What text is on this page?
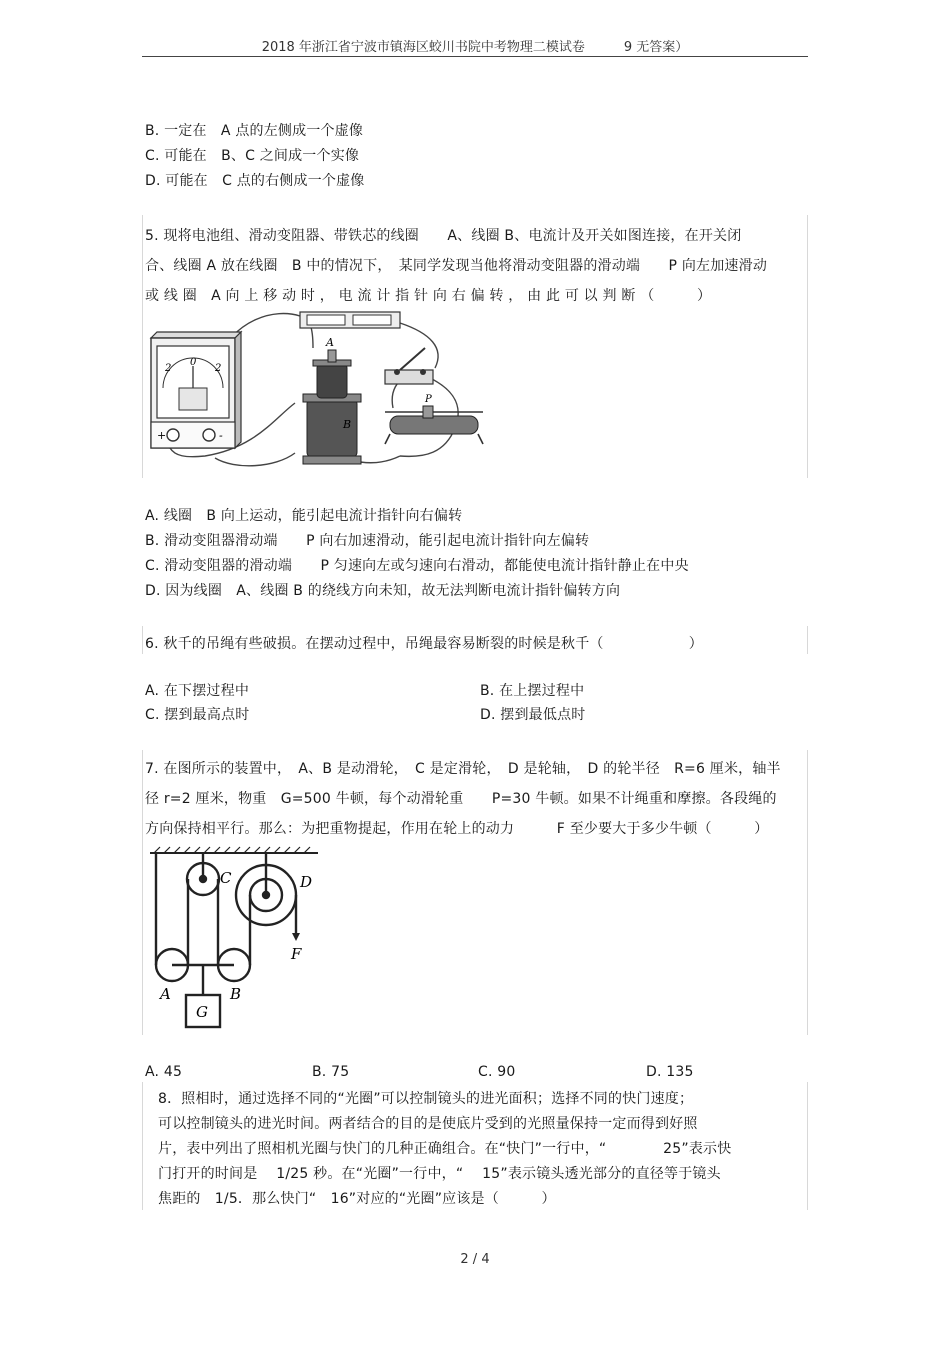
2018 年浙江省宁波市镇海区蛟川书院中考物理二模试卷　　　9 无答案）
B. 一定在　A 点的左侧成一个虚像
C. 可能在　B、C 之间成一个实像
D. 可能在　C 点的右侧成一个虚像
5. 现将电池组、滑动变阻器、带铁芯的线圈　　A、线圈 B、电流计及开关如图连接，在开关闭
合、线圈 A 放在线圈　B 中的情况下，　某同学发现当他将滑动变阻器的滑动端　　P 向左加速滑动
或 线 圈　A 向 上 移 动 时 ， 电 流 计 指 针 向 右 偏 转 ， 由 此 可 以 判 断 （　　　）
2
0
2
+	-
A
B
P
A. 线圈　B 向上运动，能引起电流计指针向右偏转
B. 滑动变阻器滑动端　　P 向右加速滑动，能引起电流计指针向左偏转
C. 滑动变阻器的滑动端　　P 匀速向左或匀速向右滑动，都能使电流计指针静止在中央
D. 因为线圈　A、线圈 B 的绕线方向未知，故无法判断电流计指针偏转方向
6. 秋千的吊绳有些破损。在摆动过程中，吊绳最容易断裂的时候是秋千（　　　　　　）
A. 在下摆过程中	B. 在上摆过程中
C. 摆到最高点时	D. 摆到最低点时
7. 在图所示的装置中，　A、B 是动滑轮，　C 是定滑轮，　D 是轮轴，　D 的轮半径　R=6 厘米，轴半
径 r=2 厘米，物重　G=500 牛顿，每个动滑轮重　　P=30 牛顿。如果不计绳重和摩擦。各段绳的
方向保持相平行。那么：为把重物提起，作用在轮上的动力　　　F 至少要大于多少牛顿（　　　）
C	D
F
A	B
G
A. 45	B. 75	C. 90	D. 135
8．照相时，通过选择不同的“光圈”可以控制镜头的进光面积；选择不同的快门速度；
可以控制镜头的进光时间。两者结合的目的是使底片受到的光照量保持一定而得到好照
片，表中列出了照相机光圈与快门的几种正确组合。在“快门”一行中，“　　　　25”表示快
门打开的时间是　 1/25 秒。在“光圈”一行中，“　 15”表示镜头透光部分的直径等于镜头
焦距的　1/5．那么快门“　16”对应的“光圈”应该是（　　　）
2 / 4
